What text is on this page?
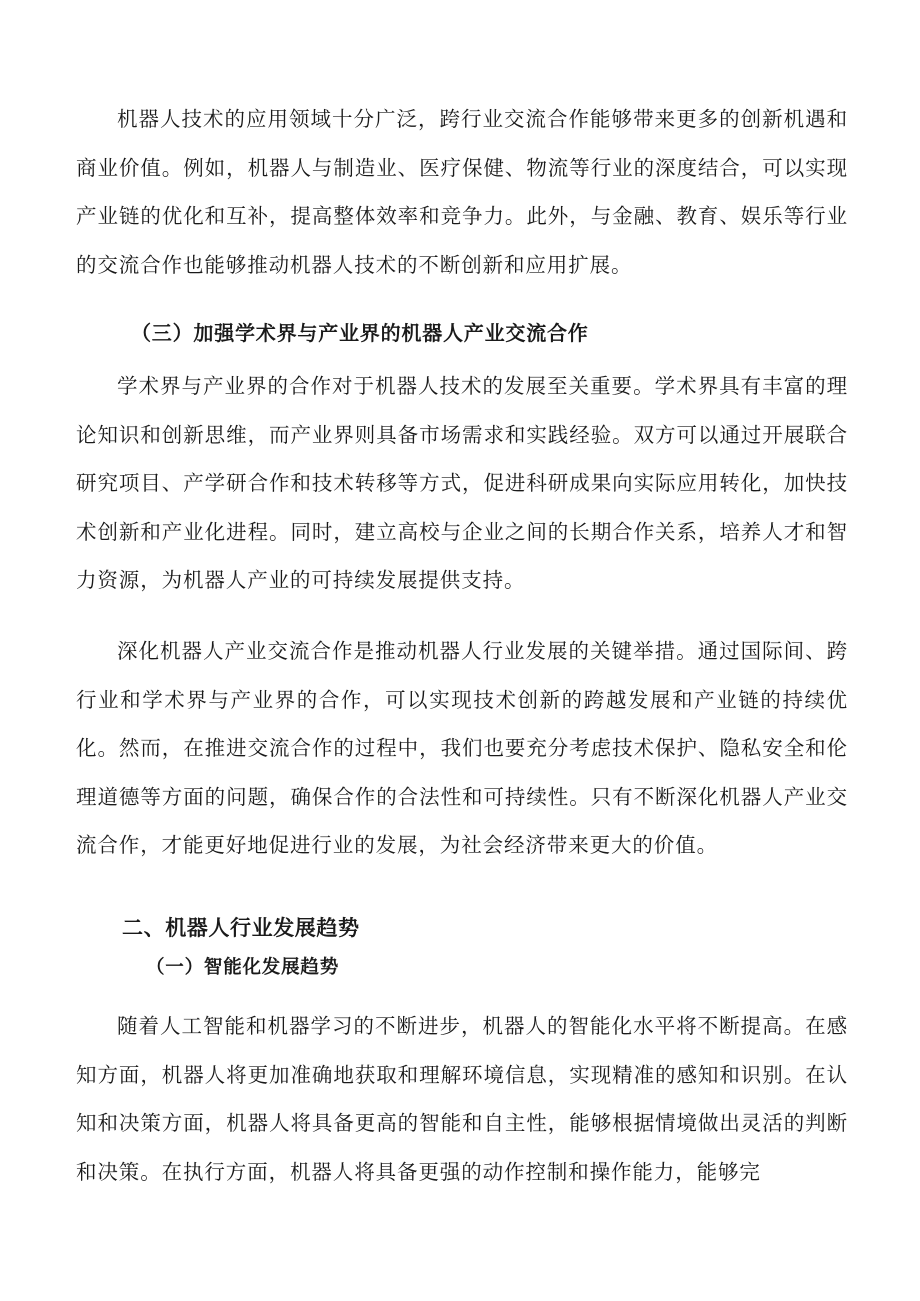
机器人技术的应用领域十分广泛，跨行业交流合作能够带来更多的创新机遇和商业价值。例如，机器人与制造业、医疗保健、物流等行业的深度结合，可以实现产业链的优化和互补，提高整体效率和竞争力。此外，与金融、教育、娱乐等行业的交流合作也能够推动机器人技术的不断创新和应用扩展。

（三）加强学术界与产业界的机器人产业交流合作

学术界与产业界的合作对于机器人技术的发展至关重要。学术界具有丰富的理论知识和创新思维，而产业界则具备市场需求和实践经验。双方可以通过开展联合研究项目、产学研合作和技术转移等方式，促进科研成果向实际应用转化，加快技术创新和产业化进程。同时，建立高校与企业之间的长期合作关系，培养人才和智力资源，为机器人产业的可持续发展提供支持。

深化机器人产业交流合作是推动机器人行业发展的关键举措。通过国际间、跨行业和学术界与产业界的合作，可以实现技术创新的跨越发展和产业链的持续优化。然而，在推进交流合作的过程中，我们也要充分考虑技术保护、隐私安全和伦理道德等方面的问题，确保合作的合法性和可持续性。只有不断深化机器人产业交流合作，才能更好地促进行业的发展，为社会经济带来更大的价值。

二、机器人行业发展趋势
（一）智能化发展趋势

随着人工智能和机器学习的不断进步，机器人的智能化水平将不断提高。在感知方面，机器人将更加准确地获取和理解环境信息，实现精准的感知和识别。在认知和决策方面，机器人将具备更高的智能和自主性，能够根据情境做出灵活的判断和决策。在执行方面，机器人将具备更强的动作控制和操作能力，能够完
